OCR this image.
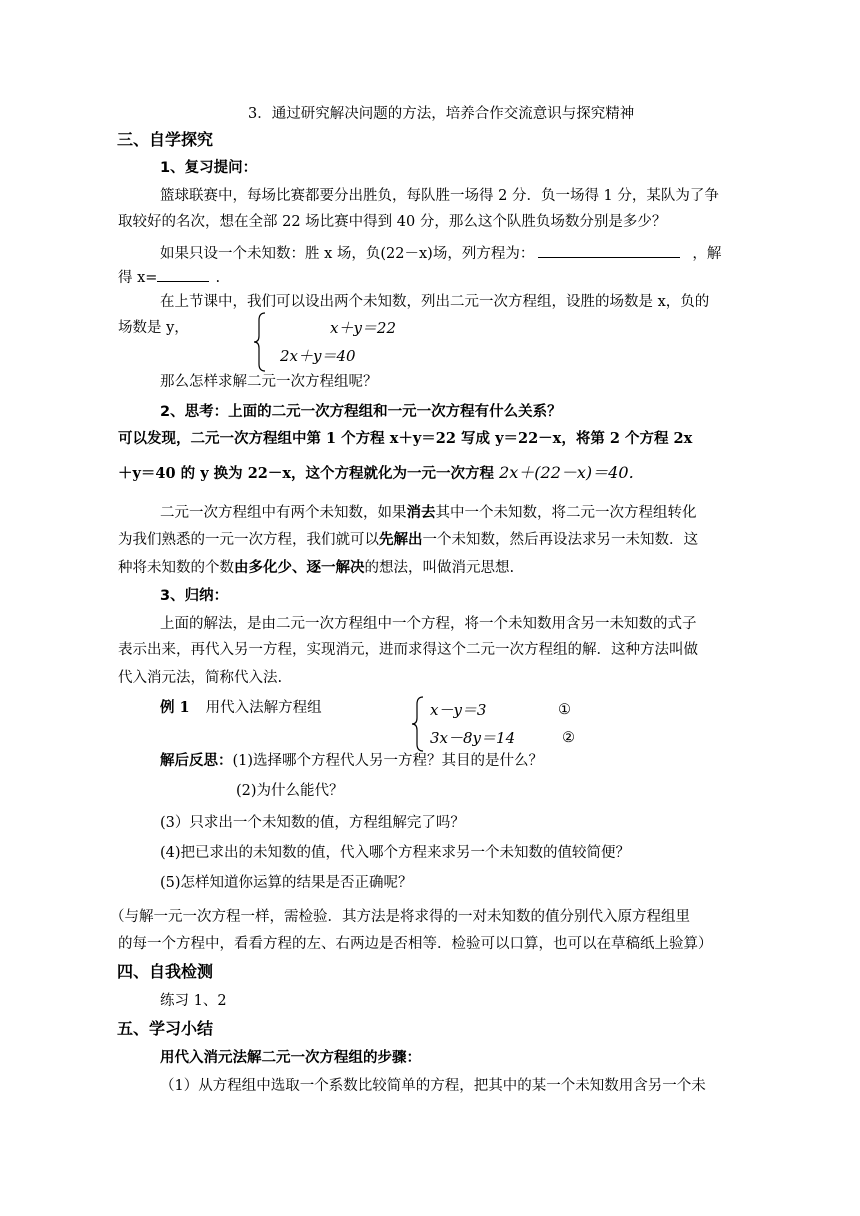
3．通过研究解决问题的方法，培养合作交流意识与探究精神
三、自学探究
1、复习提问：
篮球联赛中，每场比赛都要分出胜负，每队胜一场得 2 分．负一场得 1 分，某队为了争
取较好的名次，想在全部 22 场比赛中得到 40 分，那么这个队胜负场数分别是多少？
如果只设一个未知数：胜 x 场，负(22－x)场，列方程为：	，解
得 x=	.
在上节课中，我们可以设出两个未知数，列出二元一次方程组，设胜的场数是 x，负的
场数是 y，	x＋y＝22
2x＋y＝40
那么怎样求解二元一次方程组呢？
2、思考：上面的二元一次方程组和一元一次方程有什么关系？
可以发现，二元一次方程组中第 1 个方程 x＋y＝22 写成 y＝22－x，将第 2 个方程 2x
＋y＝40 的 y 换为 22－x，这个方程就化为一元一次方程 2x＋(22－x)＝40．
二元一次方程组中有两个未知数，如果消去其中一个未知数，将二元一次方程组转化
为我们熟悉的一元一次方程，我们就可以先解出一个未知数，然后再设法求另一未知数．这
种将未知数的个数由多化少、逐一解决的想法，叫做消元思想.
3、归纳：
上面的解法，是由二元一次方程组中一个方程，将一个未知数用含另一未知数的式子
表示出来，再代入另一方程，实现消元，进而求得这个二元一次方程组的解．这种方法叫做
代入消元法，简称代入法.
例 1 用代入法解方程组	x－y＝3	①
3x－8y＝14	②
解后反思：(1)选择哪个方程代人另一方程？其目的是什么？
(2)为什么能代？
(3）只求出一个未知数的值，方程组解完了吗？
(4)把已求出的未知数的值，代入哪个方程来求另一个未知数的值较简便？
(5)怎样知道你运算的结果是否正确呢？
（与解一元一次方程一样，需检验．其方法是将求得的一对未知数的值分别代入原方程组里
的每一个方程中，看看方程的左、右两边是否相等．检验可以口算，也可以在草稿纸上验算）
四、自我检测
练习 1、2
五、学习小结
用代入消元法解二元一次方程组的步骤：
（1）从方程组中选取一个系数比较简单的方程，把其中的某一个未知数用含另一个未
